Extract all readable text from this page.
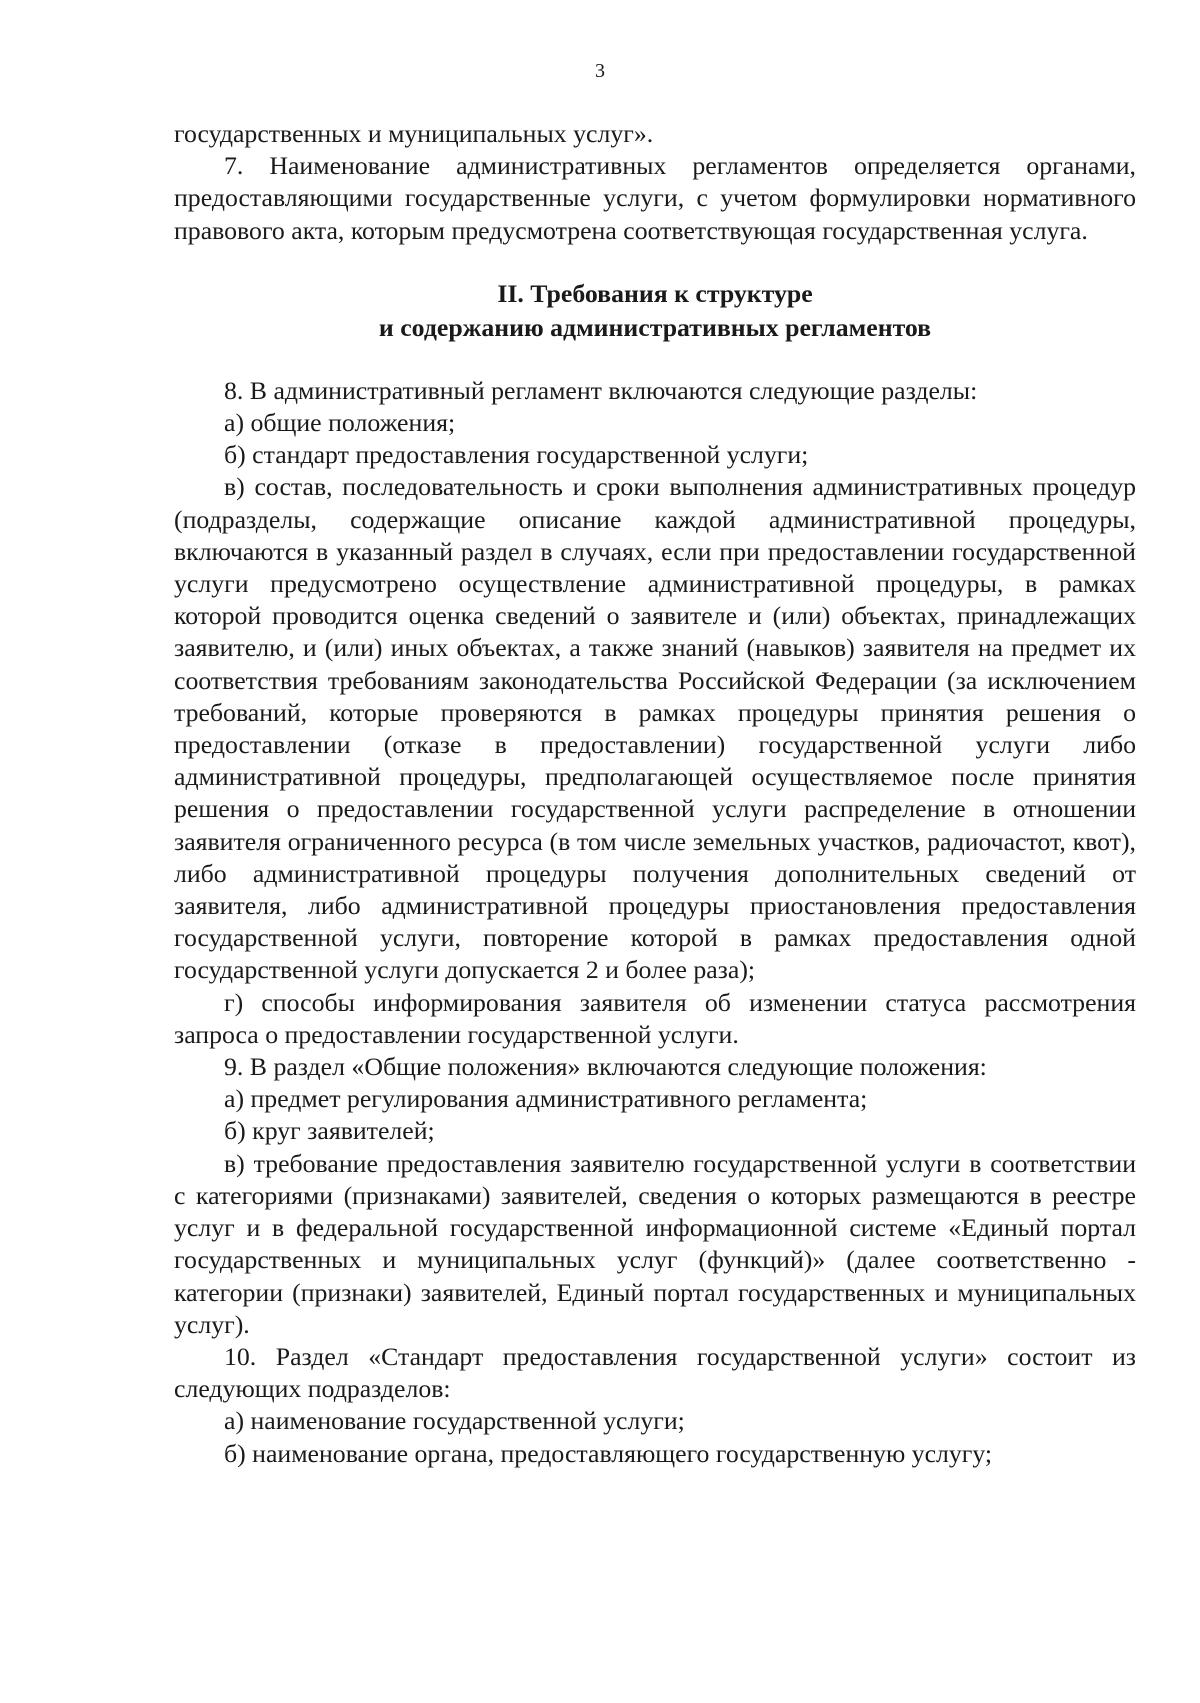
3

государственных и муниципальных услуг».

7. Наименование административных регламентов определяется органами, предоставляющими государственные услуги, с учетом формулировки нормативного правового акта, которым предусмотрена соответствующая государственная услуга.

II. Требования к структуре
и содержанию административных регламентов

8. В административный регламент включаются следующие разделы:

а) общие положения;

б) стандарт предоставления государственной услуги;

в) состав, последовательность и сроки выполнения административных процедур (подразделы, содержащие описание каждой административной процедуры, включаются в указанный раздел в случаях, если при предоставлении государственной услуги предусмотрено осуществление административной процедуры, в рамках которой проводится оценка сведений о заявителе и (или) объектах, принадлежащих заявителю, и (или) иных объектах, а также знаний (навыков) заявителя на предмет их соответствия требованиям законодательства Российской Федерации (за исключением требований, которые проверяются в рамках процедуры принятия решения о предоставлении (отказе в предоставлении) государственной услуги либо административной процедуры, предполагающей осуществляемое после принятия решения о предоставлении государственной услуги распределение в отношении заявителя ограниченного ресурса (в том числе земельных участков, радиочастот, квот), либо административной процедуры получения дополнительных сведений от заявителя, либо административной процедуры приостановления предоставления государственной услуги, повторение которой в рамках предоставления одной государственной услуги допускается 2 и более раза);

г) способы информирования заявителя об изменении статуса рассмотрения запроса о предоставлении государственной услуги.

9. В раздел «Общие положения» включаются следующие положения:

а) предмет регулирования административного регламента;

б) круг заявителей;

в) требование предоставления заявителю государственной услуги в соответствии с категориями (признаками) заявителей, сведения о которых размещаются в реестре услуг и в федеральной государственной информационной системе «Единый портал государственных и муниципальных услуг (функций)» (далее соответственно - категории (признаки) заявителей, Единый портал государственных и муниципальных услуг).

10. Раздел «Стандарт предоставления государственной услуги» состоит из следующих подразделов:

а) наименование государственной услуги;

б) наименование органа, предоставляющего государственную услугу;
